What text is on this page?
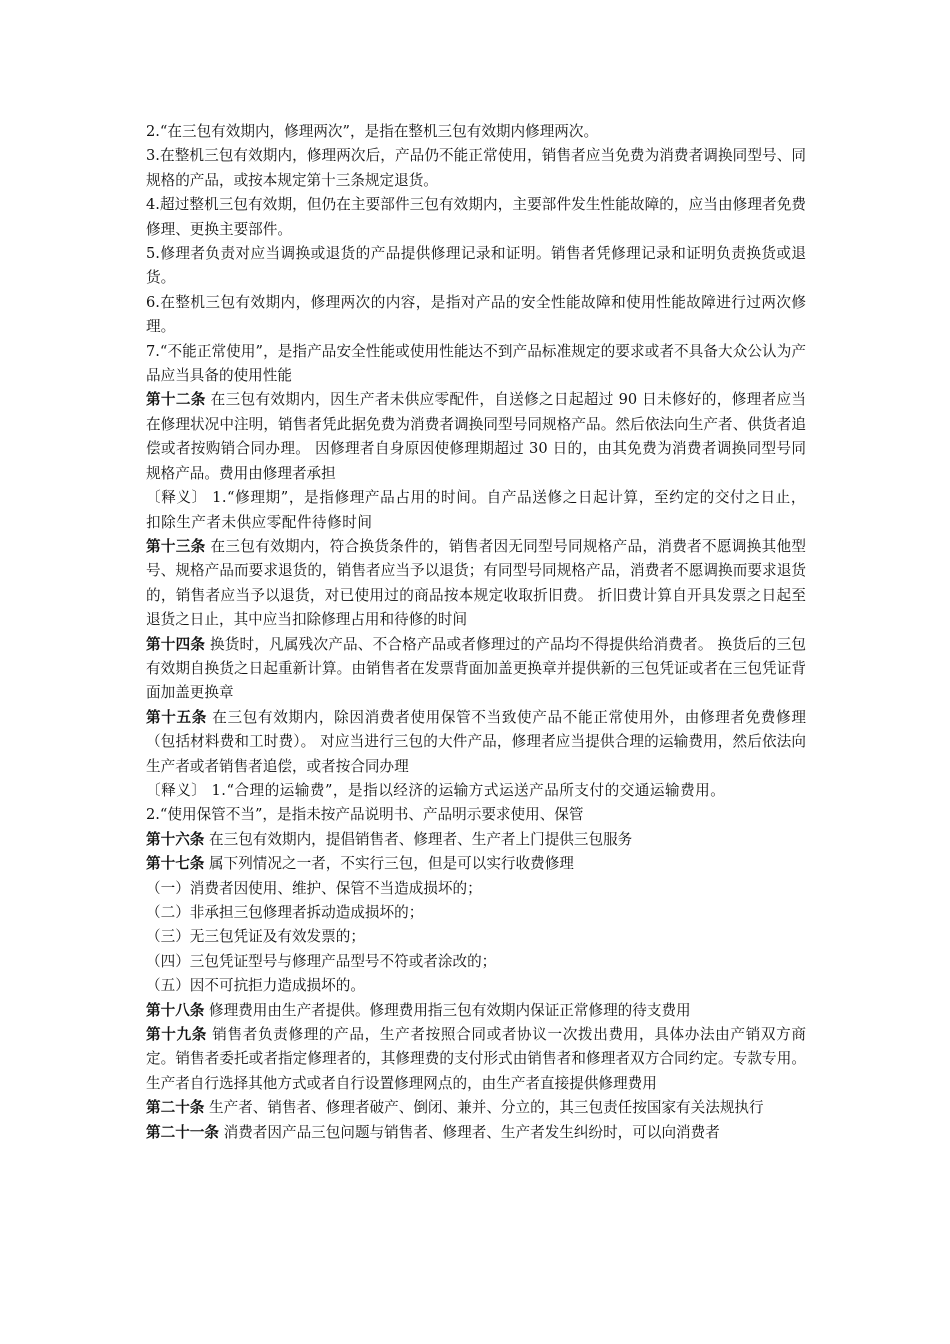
2.“在三包有效期内，修理两次”，是指在整机三包有效期内修理两次。

3.在整机三包有效期内，修理两次后，产品仍不能正常使用，销售者应当免费为消费者调换同型号、同规格的产品，或按本规定第十三条规定退货。

4.超过整机三包有效期，但仍在主要部件三包有效期内，主要部件发生性能故障的，应当由修理者免费修理、更换主要部件。

5.修理者负责对应当调换或退货的产品提供修理记录和证明。销售者凭修理记录和证明负责换货或退货。

6.在整机三包有效期内，修理两次的内容，是指对产品的安全性能故障和使用性能故障进行过两次修理。

7.“不能正常使用”，是指产品安全性能或使用性能达不到产品标准规定的要求或者不具备大众公认为产品应当具备的使用性能

第十二条 在三包有效期内，因生产者未供应零配件，自送修之日起超过 90 日未修好的，修理者应当在修理状况中注明，销售者凭此据免费为消费者调换同型号同规格产品。然后依法向生产者、供货者追偿或者按购销合同办理。 因修理者自身原因使修理期超过 30 日的，由其免费为消费者调换同型号同规格产品。费用由修理者承担

〔释义〕 1.“修理期”，是指修理产品占用的时间。自产品送修之日起计算，至约定的交付之日止，扣除生产者未供应零配件待修时间

第十三条 在三包有效期内，符合换货条件的，销售者因无同型号同规格产品，消费者不愿调换其他型号、规格产品而要求退货的，销售者应当予以退货；有同型号同规格产品，消费者不愿调换而要求退货的，销售者应当予以退货，对已使用过的商品按本规定收取折旧费。 折旧费计算自开具发票之日起至退货之日止，其中应当扣除修理占用和待修的时间

第十四条 换货时，凡属残次产品、不合格产品或者修理过的产品均不得提供给消费者。 换货后的三包有效期自换货之日起重新计算。由销售者在发票背面加盖更换章并提供新的三包凭证或者在三包凭证背面加盖更换章

第十五条 在三包有效期内，除因消费者使用保管不当致使产品不能正常使用外，由修理者免费修理（包括材料费和工时费）。 对应当进行三包的大件产品，修理者应当提供合理的运输费用，然后依法向生产者或者销售者追偿，或者按合同办理

〔释义〕 1.“合理的运输费”，是指以经济的运输方式运送产品所支付的交通运输费用。

2.“使用保管不当”，是指未按产品说明书、产品明示要求使用、保管

第十六条 在三包有效期内，提倡销售者、修理者、生产者上门提供三包服务

第十七条 属下列情况之一者，不实行三包，但是可以实行收费修理

（一）消费者因使用、维护、保管不当造成损坏的；

（二）非承担三包修理者拆动造成损坏的；

（三）无三包凭证及有效发票的；

（四）三包凭证型号与修理产品型号不符或者涂改的；

（五）因不可抗拒力造成损坏的。

第十八条 修理费用由生产者提供。修理费用指三包有效期内保证正常修理的待支费用

第十九条 销售者负责修理的产品，生产者按照合同或者协议一次拨出费用，具体办法由产销双方商定。销售者委托或者指定修理者的，其修理费的支付形式由销售者和修理者双方合同约定。专款专用。生产者自行选择其他方式或者自行设置修理网点的，由生产者直接提供修理费用

第二十条 生产者、销售者、修理者破产、倒闭、兼并、分立的，其三包责任按国家有关法规执行

第二十一条 消费者因产品三包问题与销售者、修理者、生产者发生纠纷时，可以向消费者
